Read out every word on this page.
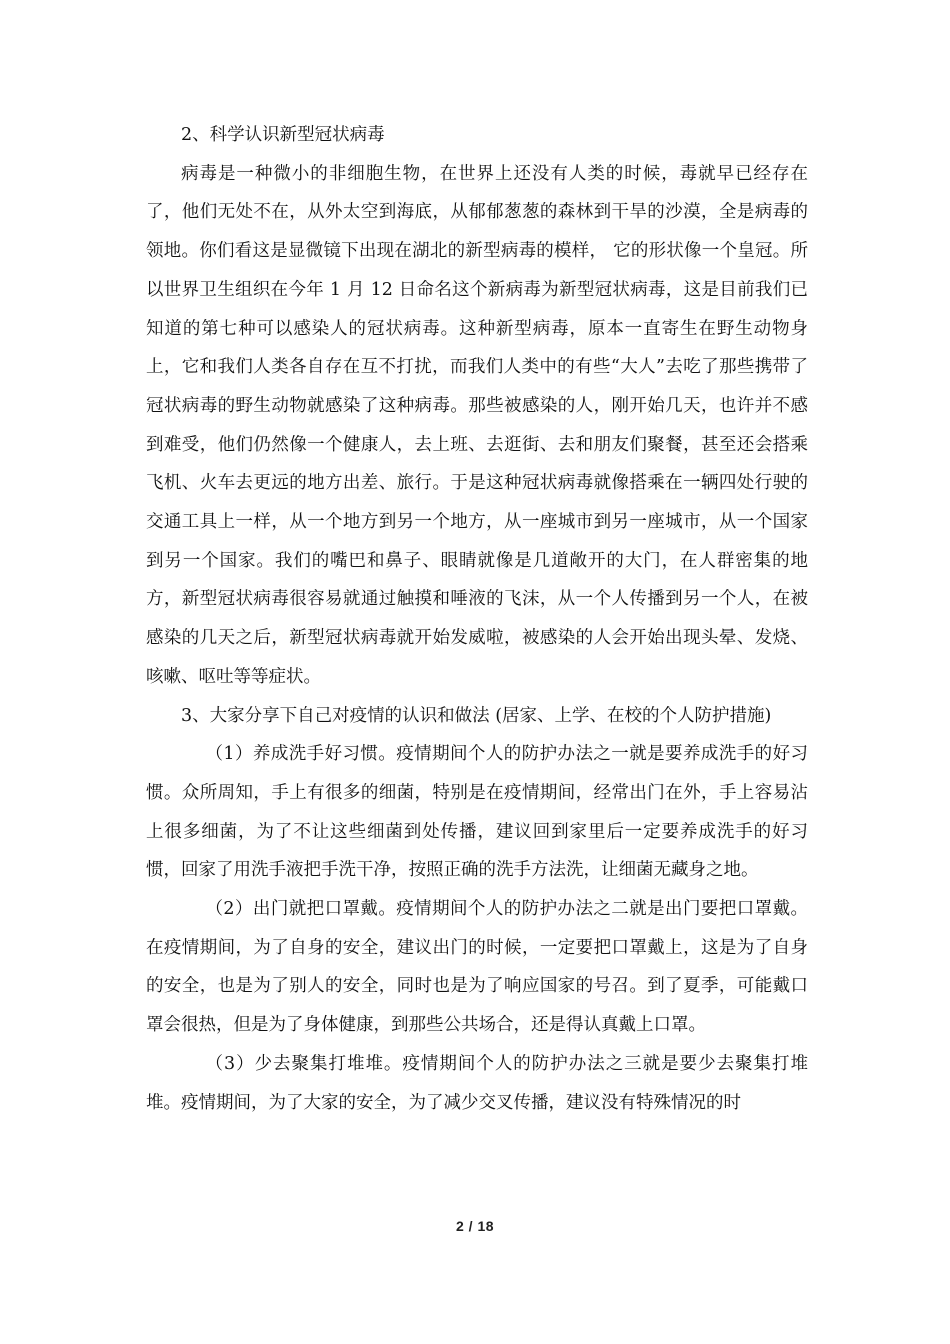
2、科学认识新型冠状病毒

病毒是一种微小的非细胞生物，在世界上还没有人类的时候，毒就早已经存在了，他们无处不在，从外太空到海底，从郁郁葱葱的森林到干旱的沙漠，全是病毒的领地。你们看这是显微镜下出现在湖北的新型病毒的模样， 它的形状像一个皇冠。所以世界卫生组织在今年 1 月 12 日命名这个新病毒为新型冠状病毒，这是目前我们已知道的第七种可以感染人的冠状病毒。这种新型病毒，原本一直寄生在野生动物身上，它和我们人类各自存在互不打扰，而我们人类中的有些“大人”去吃了那些携带了冠状病毒的野生动物就感染了这种病毒。那些被感染的人，刚开始几天，也许并不感到难受，他们仍然像一个健康人，去上班、去逛街、去和朋友们聚餐，甚至还会搭乘飞机、火车去更远的地方出差、旅行。于是这种冠状病毒就像搭乘在一辆四处行驶的交通工具上一样，从一个地方到另一个地方，从一座城市到另一座城市，从一个国家到另一个国家。我们的嘴巴和鼻子、眼睛就像是几道敞开的大门，在人群密集的地方，新型冠状病毒很容易就通过触摸和唾液的飞沫，从一个人传播到另一个人，在被感染的几天之后，新型冠状病毒就开始发威啦，被感染的人会开始出现头晕、发烧、咳嗽、呕吐等等症状。

3、大家分享下自己对疫情的认识和做法 (居家、上学、在校的个人防护措施)

（1）养成洗手好习惯。疫情期间个人的防护办法之一就是要养成洗手的好习惯。众所周知，手上有很多的细菌，特别是在疫情期间，经常出门在外，手上容易沾上很多细菌，为了不让这些细菌到处传播，建议回到家里后一定要养成洗手的好习惯，回家了用洗手液把手洗干净，按照正确的洗手方法洗，让细菌无藏身之地。

（2）出门就把口罩戴。疫情期间个人的防护办法之二就是出门要把口罩戴。在疫情期间，为了自身的安全，建议出门的时候，一定要把口罩戴上，这是为了自身的安全，也是为了别人的安全，同时也是为了响应国家的号召。到了夏季，可能戴口罩会很热，但是为了身体健康，到那些公共场合，还是得认真戴上口罩。

（3）少去聚集打堆堆。疫情期间个人的防护办法之三就是要少去聚集打堆堆。疫情期间，为了大家的安全，为了减少交叉传播，建议没有特殊情况的时

2 / 18
